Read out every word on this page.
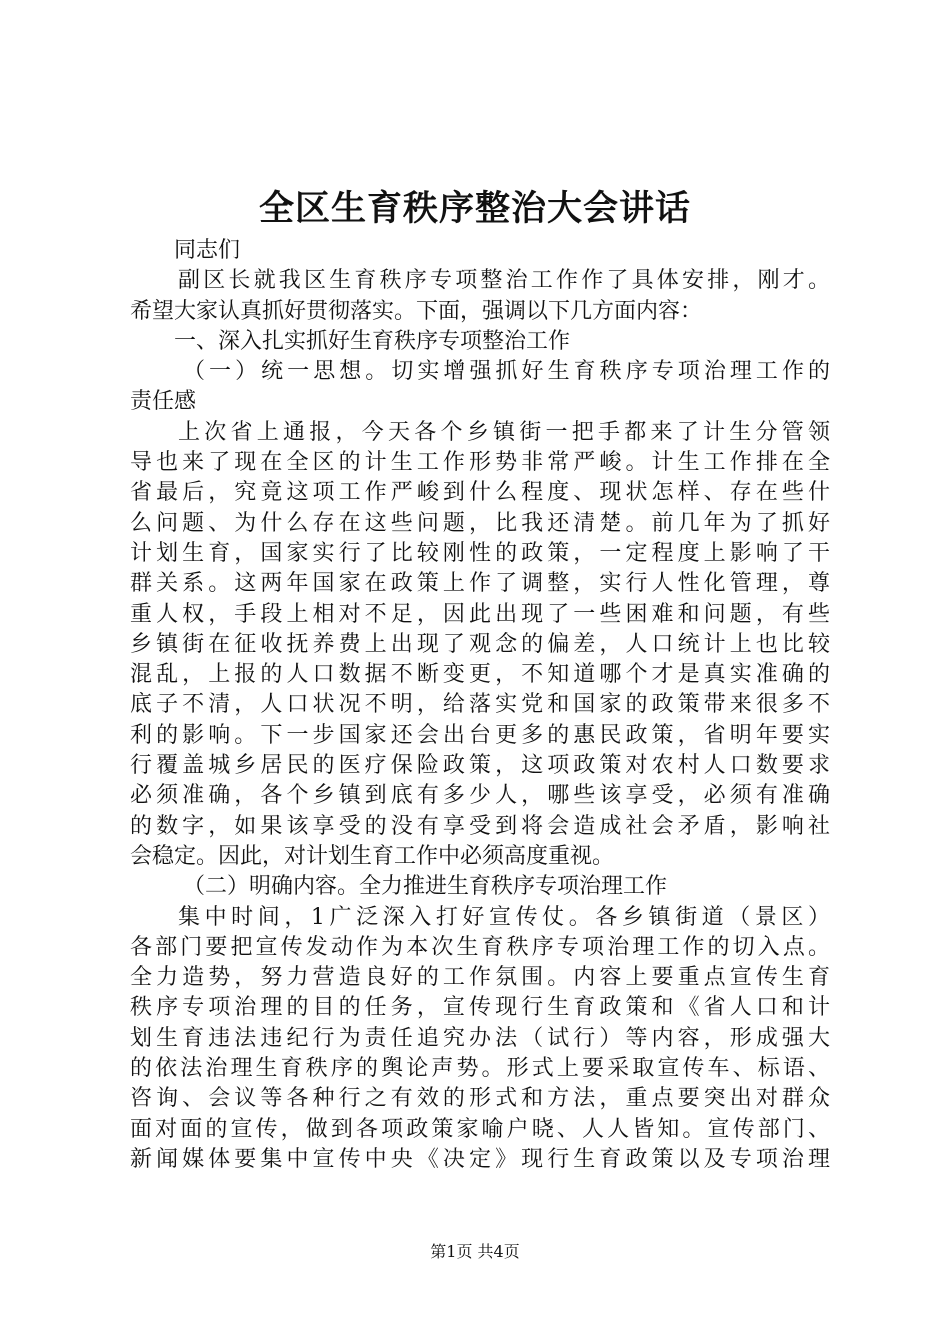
全区生育秩序整治大会讲话

同志们

副区长就我区生育秩序专项整治工作作了具体安排，刚才。

希望大家认真抓好贯彻落实。下面，强调以下几方面内容：

一、深入扎实抓好生育秩序专项整治工作

（一）统一思想。切实增强抓好生育秩序专项治理工作的

责任感

上次省上通报，今天各个乡镇街一把手都来了计生分管领

导也来了现在全区的计生工作形势非常严峻。计生工作排在全

省最后，究竟这项工作严峻到什么程度、现状怎样、存在些什

么问题、为什么存在这些问题，比我还清楚。前几年为了抓好

计划生育，国家实行了比较刚性的政策，一定程度上影响了干

群关系。这两年国家在政策上作了调整，实行人性化管理，尊

重人权，手段上相对不足，因此出现了一些困难和问题，有些

乡镇街在征收抚养费上出现了观念的偏差，人口统计上也比较

混乱，上报的人口数据不断变更，不知道哪个才是真实准确的

底子不清，人口状况不明，给落实党和国家的政策带来很多不

利的影响。下一步国家还会出台更多的惠民政策，省明年要实

行覆盖城乡居民的医疗保险政策，这项政策对农村人口数要求

必须准确，各个乡镇到底有多少人，哪些该享受，必须有准确

的数字，如果该享受的没有享受到将会造成社会矛盾，影响社

会稳定。因此，对计划生育工作中必须高度重视。

（二）明确内容。全力推进生育秩序专项治理工作

集中时间，1广泛深入打好宣传仗。各乡镇街道（景区）

各部门要把宣传发动作为本次生育秩序专项治理工作的切入点。

全力造势，努力营造良好的工作氛围。内容上要重点宣传生育

秩序专项治理的目的任务，宣传现行生育政策和《省人口和计

划生育违法违纪行为责任追究办法（试行）等内容，形成强大

的依法治理生育秩序的舆论声势。形式上要采取宣传车、标语、

咨询、会议等各种行之有效的形式和方法，重点要突出对群众

面对面的宣传，做到各项政策家喻户晓、人人皆知。宣传部门、

新闻媒体要集中宣传中央《决定》现行生育政策以及专项治理

第1页 共4页
